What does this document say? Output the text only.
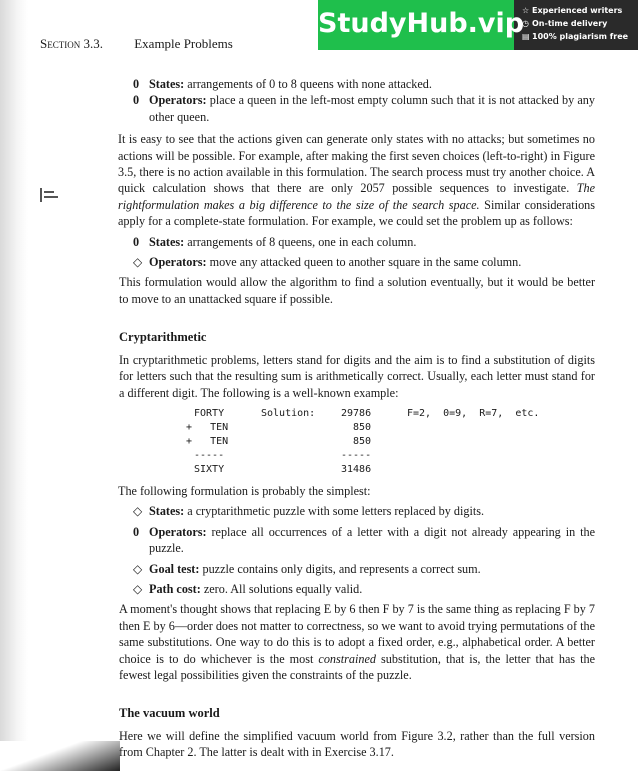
Section 3.3. Example Problems
StudyHub.vip
☆ Experienced writers
◷ On-time delivery
▤ 100% plagiarism free

0 States: arrangements of 0 to 8 queens with none attacked.

0 Operators: place a queen in the left-most empty column such that it is not attacked by any other queen.

It is easy to see that the actions given can generate only states with no attacks; but sometimes no actions will be possible. For example, after making the first seven choices (left-to-right) in Figure 3.5, there is no action available in this formulation. The search process must try another choice. A quick calculation shows that there are only 2057 possible sequences to investigate. The rightformulation makes a big difference to the size of the search space. Similar considerations apply for a complete-state formulation. For example, we could set the problem up as follows:

0 States: arrangements of 8 queens, one in each column.

◇ Operators: move any attacked queen to another square in the same column.

This formulation would allow the algorithm to find a solution eventually, but it would be better to move to an unattacked square if possible.

Cryptarithmetic

In cryptarithmetic problems, letters stand for digits and the aim is to find a substitution of digits for letters such that the resulting sum is arithmetically correct. Usually, each letter must stand for a different digit. The following is a well-known example:

FORTY
+   TEN
+   TEN
-----
SIXTY
Solution:	29786
850
850
-----
31486
F=2,  0=9,  R=7,  etc.

The following formulation is probably the simplest:

◇ States: a cryptarithmetic puzzle with some letters replaced by digits.

0 Operators: replace all occurrences of a letter with a digit not already appearing in the puzzle.

◇ Goal test: puzzle contains only digits, and represents a correct sum.

◇ Path cost: zero. All solutions equally valid.

A moment's thought shows that replacing E by 6 then F by 7 is the same thing as replacing F by 7 then E by 6—order does not matter to correctness, so we want to avoid trying permutations of the same substitutions. One way to do this is to adopt a fixed order, e.g., alphabetical order. A better choice is to do whichever is the most constrained substitution, that is, the letter that has the fewest legal possibilities given the constraints of the puzzle.

The vacuum world

Here we will define the simplified vacuum world from Figure 3.2, rather than the full version from Chapter 2. The latter is dealt with in Exercise 3.17.
